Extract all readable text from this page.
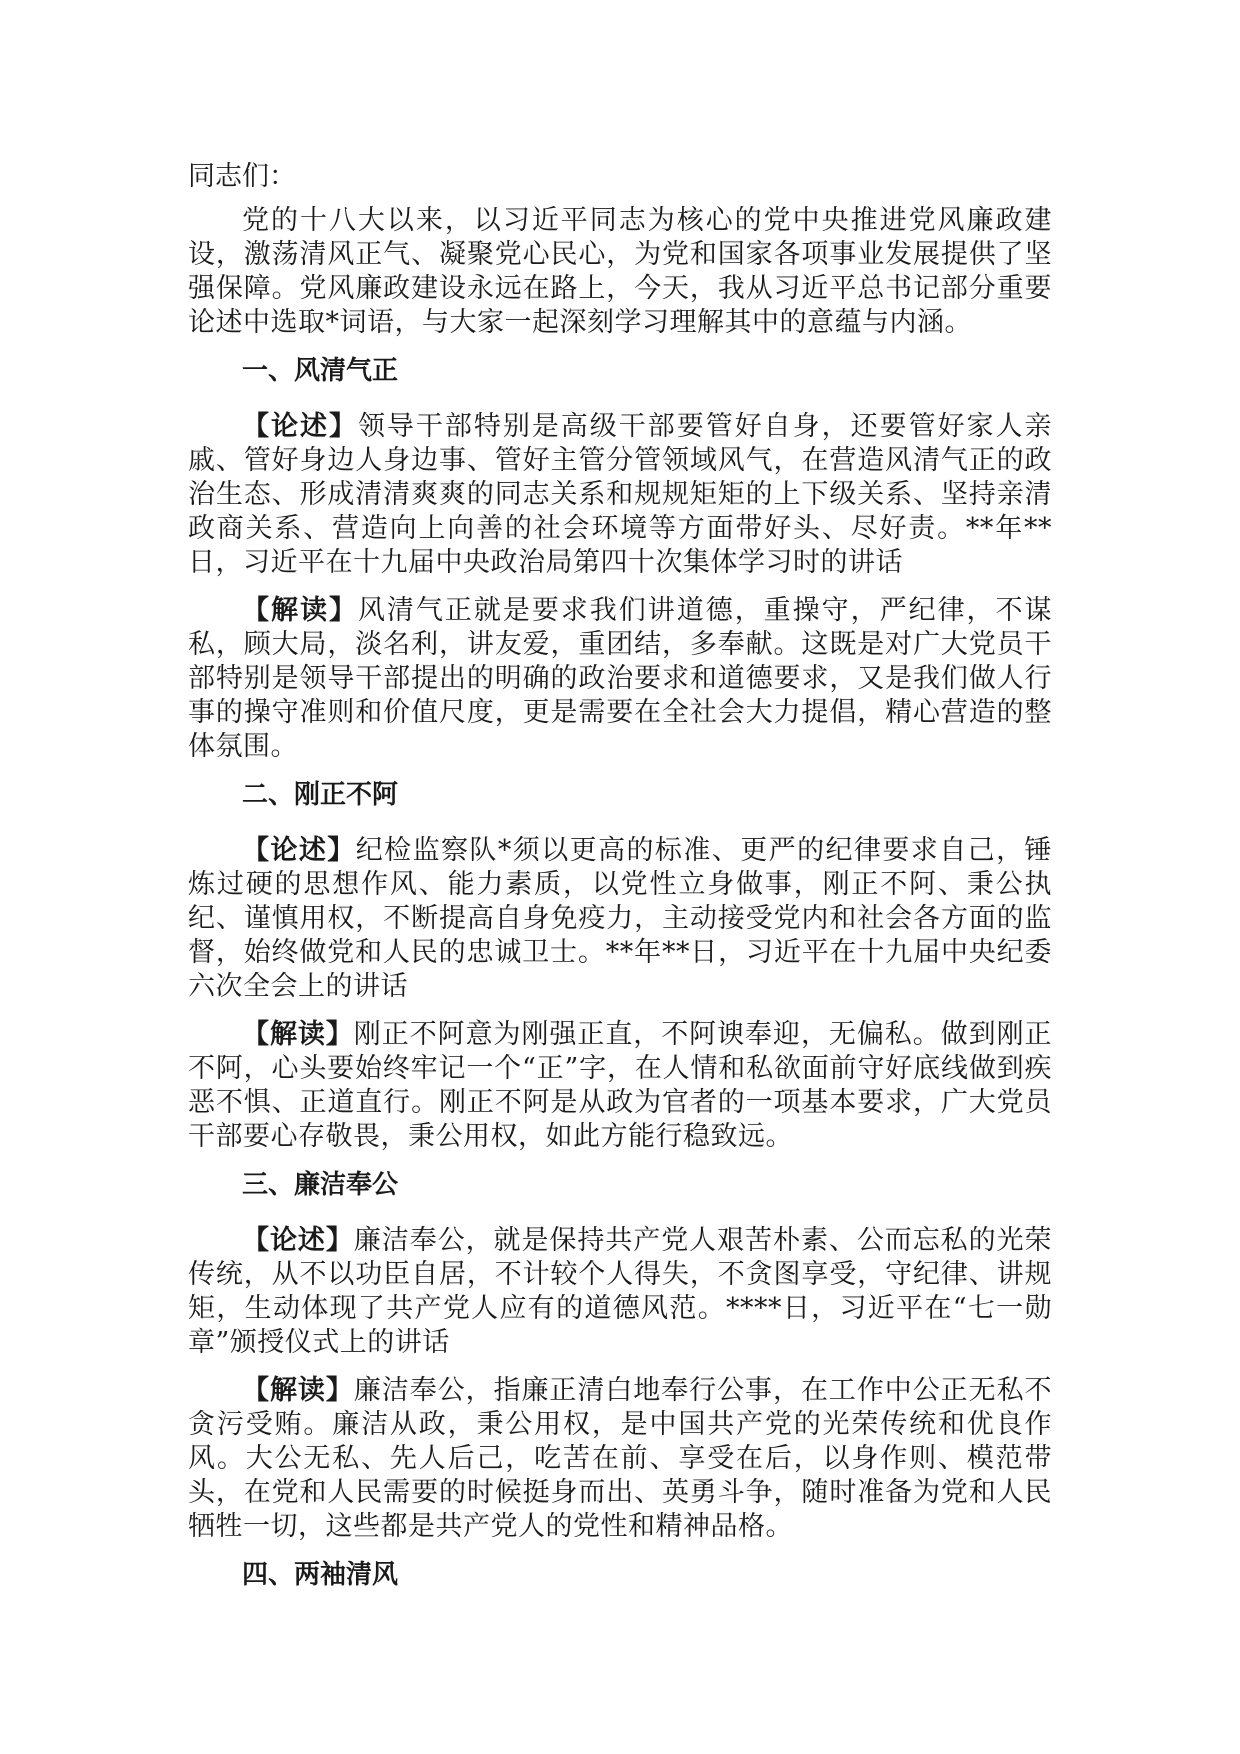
同志们：

党的十八大以来，以习近平同志为核心的党中央推进党风廉政建设，激荡清风正气、凝聚党心民心，为党和国家各项事业发展提供了坚强保障。党风廉政建设永远在路上，今天，我从习近平总书记部分重要论述中选取*词语，与大家一起深刻学习理解其中的意蕴与内涵。

一、风清气正

【论述】领导干部特别是高级干部要管好自身，还要管好家人亲戚、管好身边人身边事、管好主管分管领域风气，在营造风清气正的政治生态、形成清清爽爽的同志关系和规规矩矩的上下级关系、坚持亲清政商关系、营造向上向善的社会环境等方面带好头、尽好责。**年**日，习近平在十九届中央政治局第四十次集体学习时的讲话

【解读】风清气正就是要求我们讲道德，重操守，严纪律，不谋私，顾大局，淡名利，讲友爱，重团结，多奉献。这既是对广大党员干部特别是领导干部提出的明确的政治要求和道德要求，又是我们做人行事的操守准则和价值尺度，更是需要在全社会大力提倡，精心营造的整体氛围。

二、刚正不阿

【论述】纪检监察队*须以更高的标准、更严的纪律要求自己，锤炼过硬的思想作风、能力素质，以党性立身做事，刚正不阿、秉公执纪、谨慎用权，不断提高自身免疫力，主动接受党内和社会各方面的监督，始终做党和人民的忠诚卫士。**年**日，习近平在十九届中央纪委六次全会上的讲话

【解读】刚正不阿意为刚强正直，不阿谀奉迎，无偏私。做到刚正不阿，心头要始终牢记一个“正”字，在人情和私欲面前守好底线做到疾恶不惧、正道直行。刚正不阿是从政为官者的一项基本要求，广大党员干部要心存敬畏，秉公用权，如此方能行稳致远。

三、廉洁奉公

【论述】廉洁奉公，就是保持共产党人艰苦朴素、公而忘私的光荣传统，从不以功臣自居，不计较个人得失，不贪图享受，守纪律、讲规矩，生动体现了共产党人应有的道德风范。****日，习近平在“七一勋章”颁授仪式上的讲话

【解读】廉洁奉公，指廉正清白地奉行公事，在工作中公正无私不贪污受贿。廉洁从政，秉公用权，是中国共产党的光荣传统和优良作风。大公无私、先人后己，吃苦在前、享受在后，以身作则、模范带头，在党和人民需要的时候挺身而出、英勇斗争，随时准备为党和人民牺牲一切，这些都是共产党人的党性和精神品格。

四、两袖清风
